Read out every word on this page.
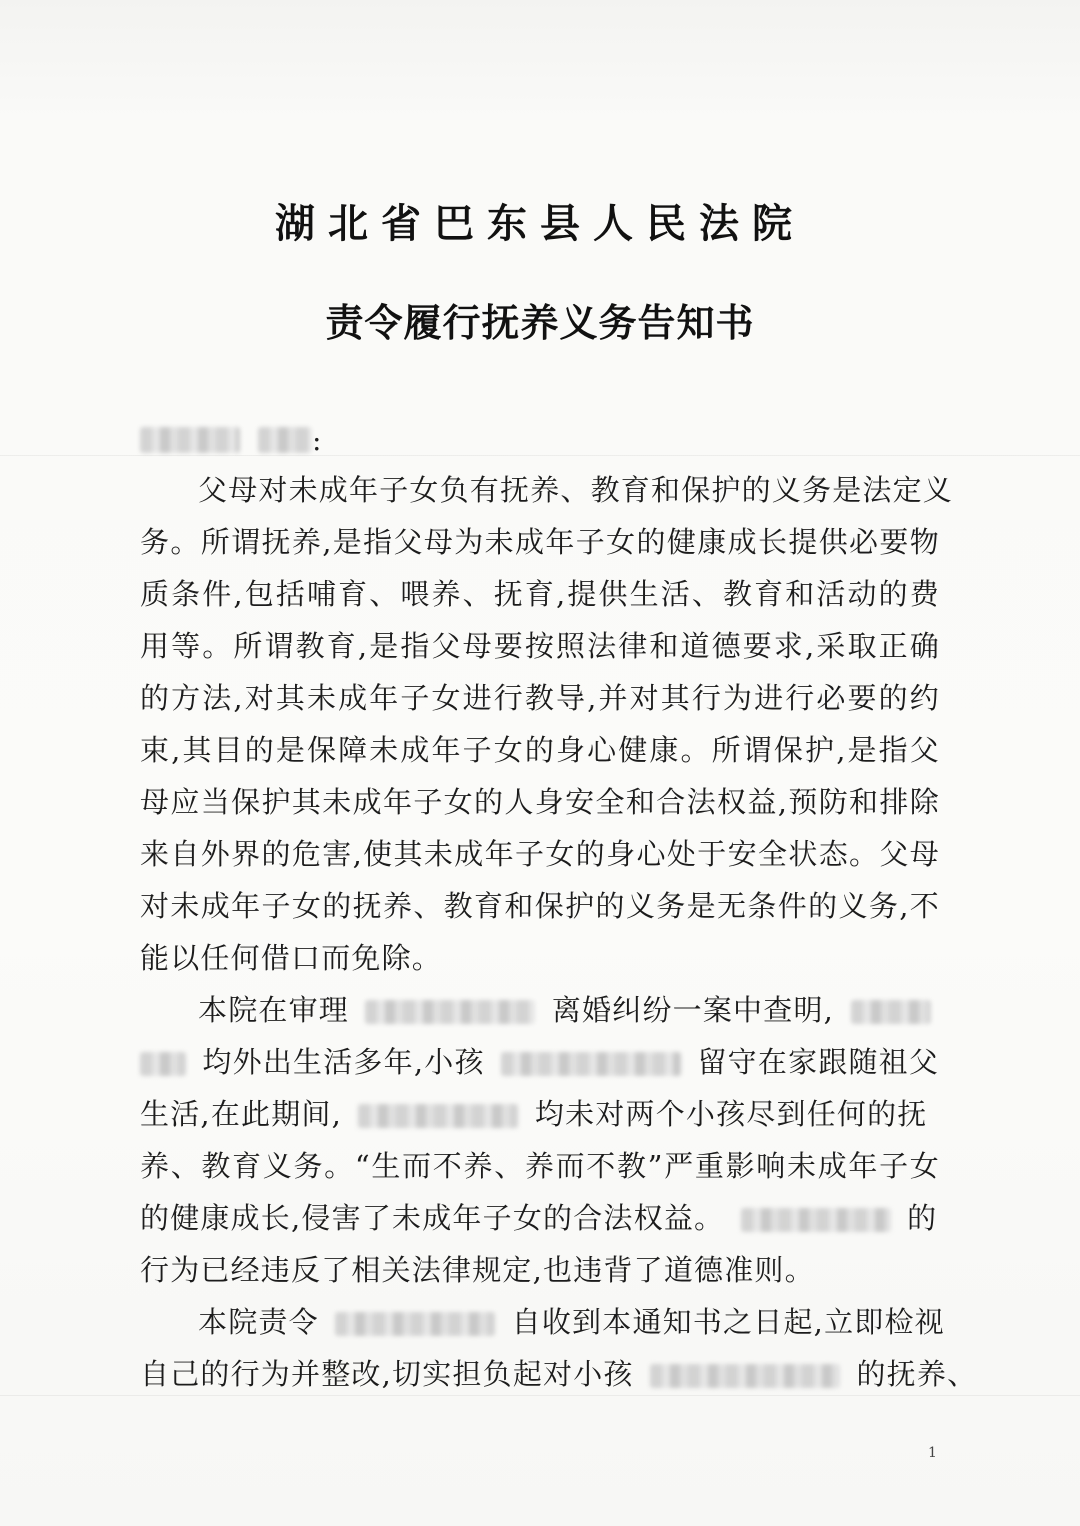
湖北省巴东县人民法院
责令履行抚养义务告知书
:
父母对未成年子女负有抚养、教育和保护的义务是法定义
务。所谓抚养,是指父母为未成年子女的健康成长提供必要物
质条件,包括哺育、喂养、抚育,提供生活、教育和活动的费
用等。所谓教育,是指父母要按照法律和道德要求,采取正确
的方法,对其未成年子女进行教导,并对其行为进行必要的约
束,其目的是保障未成年子女的身心健康。所谓保护,是指父
母应当保护其未成年子女的人身安全和合法权益,预防和排除
来自外界的危害,使其未成年子女的身心处于安全状态。父母
对未成年子女的抚养、教育和保护的义务是无条件的义务,不
能以任何借口而免除。
本院在审理	离婚纠纷一案中查明,
均外出生活多年,小孩	留守在家跟随祖父
生活,在此期间,	均未对两个小孩尽到任何的抚
养、教育义务。“生而不养、养而不教”严重影响未成年子女
的健康成长,侵害了未成年子女的合法权益。	的
行为已经违反了相关法律规定,也违背了道德准则。
本院责令	自收到本通知书之日起,立即检视
自己的行为并整改,切实担负起对小孩	的抚养、
1
